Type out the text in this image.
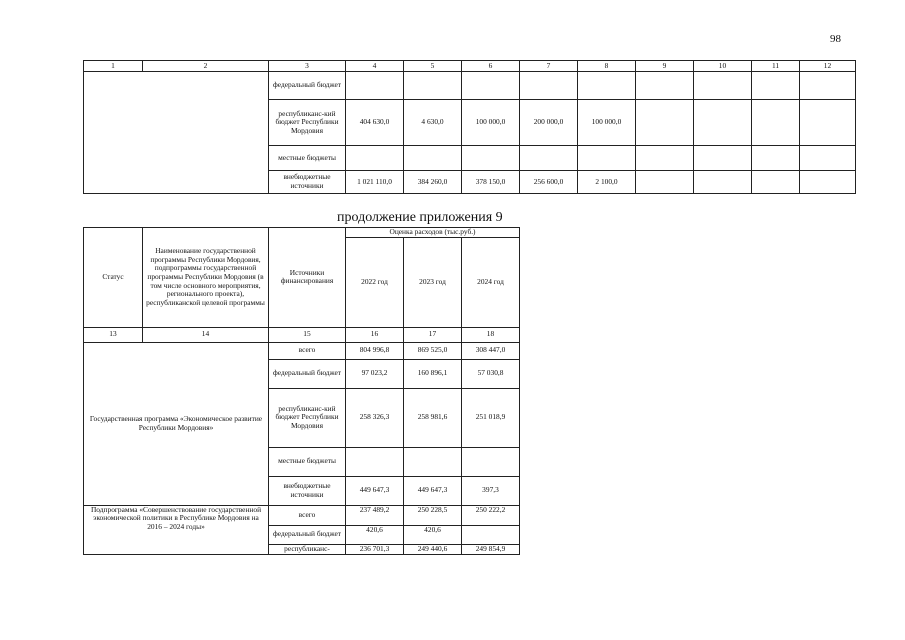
98
1	2	3	4	5	6	7	8	9	10	11	12
		федеральный бюджет									
		республиканс-кий бюджет Республики Мордовия	404 630,0	4 630,0	100 000,0	200 000,0	100 000,0				
		местные бюджеты									
		внебюджетные источники	1 021 110,0	384 260,0	378 150,0	256 600,0	2 100,0				
продолжение приложения 9
Статус	Наименование государственной программы Республики Мордовия, подпрограммы государственной программы Республики Мордовия (в том числе основного мероприятия, регионального проекта), республиканской целевой программы	Источники финансирования	Оценка расходов (тыс.руб.)		
			2022 год	2023 год	2024 год
13	14	15	16	17	18
Государственная программа «Экономическое развитие Республики Мордовия»		всего	804 996,8	869 525,0	308 447,0
		федеральный бюджет	97 023,2	160 896,1	57 030,8
		республиканс-кий бюджет Республики Мордовия	258 326,3	258 981,6	251 018,9
		местные бюджеты			
		внебюджетные источники	449 647,3	449 647,3	397,3
Подпрограмма «Совершенствование государственной экономической политики в Республике Мордовия на 2016 – 2024 годы»		всего	237 489,2	250 228,5	250 222,2
		федеральный бюджет	420,6	420,6	
		республиканс-	236 701,3	249 440,6	249 854,9
